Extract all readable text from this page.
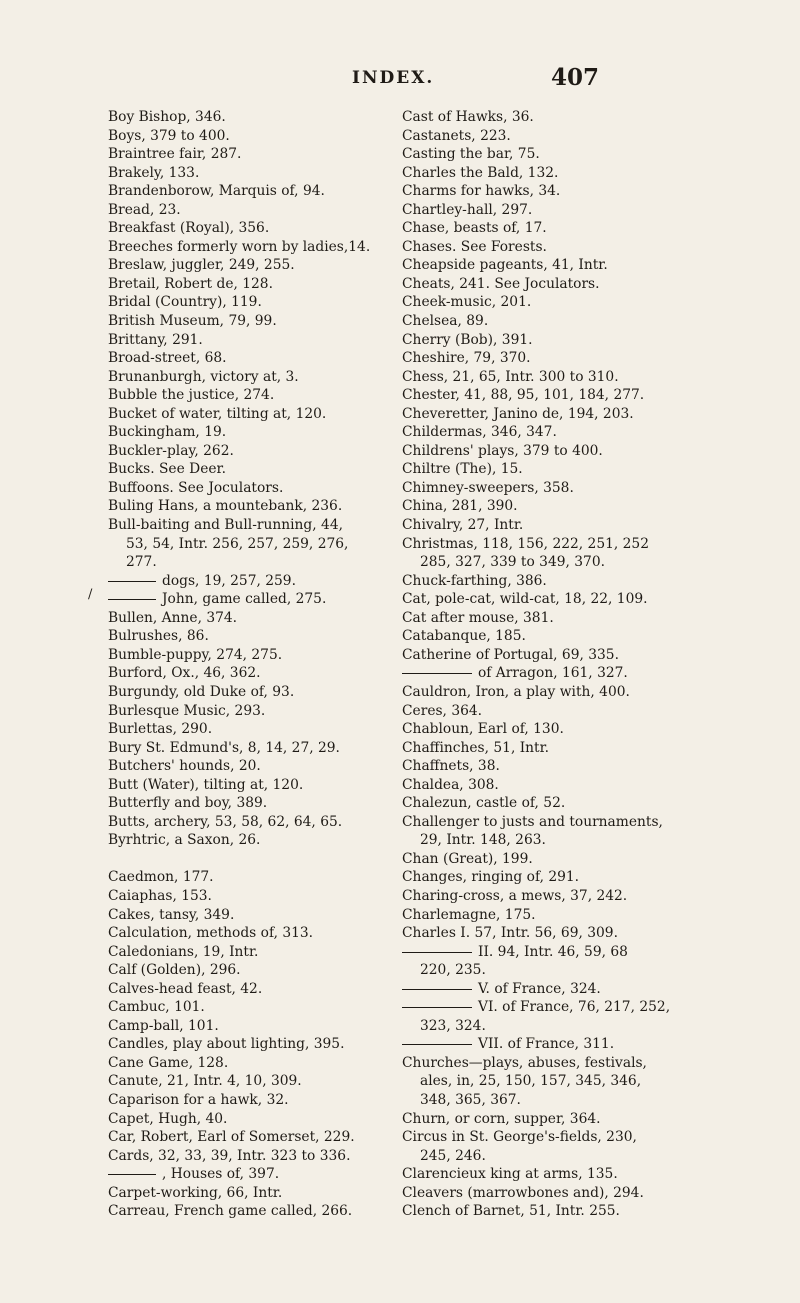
INDEX.	407
/
Boy Bishop, 346.
Boys, 379 to 400.
Braintree fair, 287.
Brakely, 133.
Brandenborow, Marquis of, 94.
Bread, 23.
Breakfast (Royal), 356.
Breeches formerly worn by ladies,14.
Breslaw, juggler, 249, 255.
Bretail, Robert de, 128.
Bridal (Country), 119.
British Museum, 79, 99.
Brittany, 291.
Broad-street, 68.
Brunanburgh, victory at, 3.
Bubble the justice, 274.
Bucket of water, tilting at, 120.
Buckingham, 19.
Buckler-play, 262.
Bucks. See Deer.
Buffoons. See Joculators.
Buling Hans, a mountebank, 236.
Bull-baiting and Bull-running, 44,
53, 54, Intr. 256, 257, 259, 276,
277.
dogs, 19, 257, 259.
John, game called, 275.
Bullen, Anne, 374.
Bulrushes, 86.
Bumble-puppy, 274, 275.
Burford, Ox., 46, 362.
Burgundy, old Duke of, 93.
Burlesque Music, 293.
Burlettas, 290.
Bury St. Edmund's, 8, 14, 27, 29.
Butchers' hounds, 20.
Butt (Water), tilting at, 120.
Butterfly and boy, 389.
Butts, archery, 53, 58, 62, 64, 65.
Byrhtric, a Saxon, 26.
Caedmon, 177.
Caiaphas, 153.
Cakes, tansy, 349.
Calculation, methods of, 313.
Caledonians, 19, Intr.
Calf (Golden), 296.
Calves-head feast, 42.
Cambuc, 101.
Camp-ball, 101.
Candles, play about lighting, 395.
Cane Game, 128.
Canute, 21, Intr. 4, 10, 309.
Caparison for a hawk, 32.
Capet, Hugh, 40.
Car, Robert, Earl of Somerset, 229.
Cards, 32, 33, 39, Intr. 323 to 336.
, Houses of, 397.
Carpet-working, 66, Intr.
Carreau, French game called, 266.
Cast of Hawks, 36.
Castanets, 223.
Casting the bar, 75.
Charles the Bald, 132.
Charms for hawks, 34.
Chartley-hall, 297.
Chase, beasts of, 17.
Chases. See Forests.
Cheapside pageants, 41, Intr.
Cheats, 241. See Joculators.
Cheek-music, 201.
Chelsea, 89.
Cherry (Bob), 391.
Cheshire, 79, 370.
Chess, 21, 65, Intr. 300 to 310.
Chester, 41, 88, 95, 101, 184, 277.
Cheveretter, Janino de, 194, 203.
Childermas, 346, 347.
Childrens' plays, 379 to 400.
Chiltre (The), 15.
Chimney-sweepers, 358.
China, 281, 390.
Chivalry, 27, Intr.
Christmas, 118, 156, 222, 251, 252
285, 327, 339 to 349, 370.
Chuck-farthing, 386.
Cat, pole-cat, wild-cat, 18, 22, 109.
Cat after mouse, 381.
Catabanque, 185.
Catherine of Portugal, 69, 335.
of Arragon, 161, 327.
Cauldron, Iron, a play with, 400.
Ceres, 364.
Chabloun, Earl of, 130.
Chaffinches, 51, Intr.
Chaffnets, 38.
Chaldea, 308.
Chalezun, castle of, 52.
Challenger to justs and tournaments,
29, Intr. 148, 263.
Chan (Great), 199.
Changes, ringing of, 291.
Charing-cross, a mews, 37, 242.
Charlemagne, 175.
Charles I. 57, Intr. 56, 69, 309.
II. 94, Intr. 46, 59, 68
220, 235.
V. of France, 324.
VI. of France, 76, 217, 252,
323, 324.
VII. of France, 311.
Churches—plays, abuses, festivals,
ales, in, 25, 150, 157, 345, 346,
348, 365, 367.
Churn, or corn, supper, 364.
Circus in St. George's-fields, 230,
245, 246.
Clarencieux king at arms, 135.
Cleavers (marrowbones and), 294.
Clench of Barnet, 51, Intr. 255.
